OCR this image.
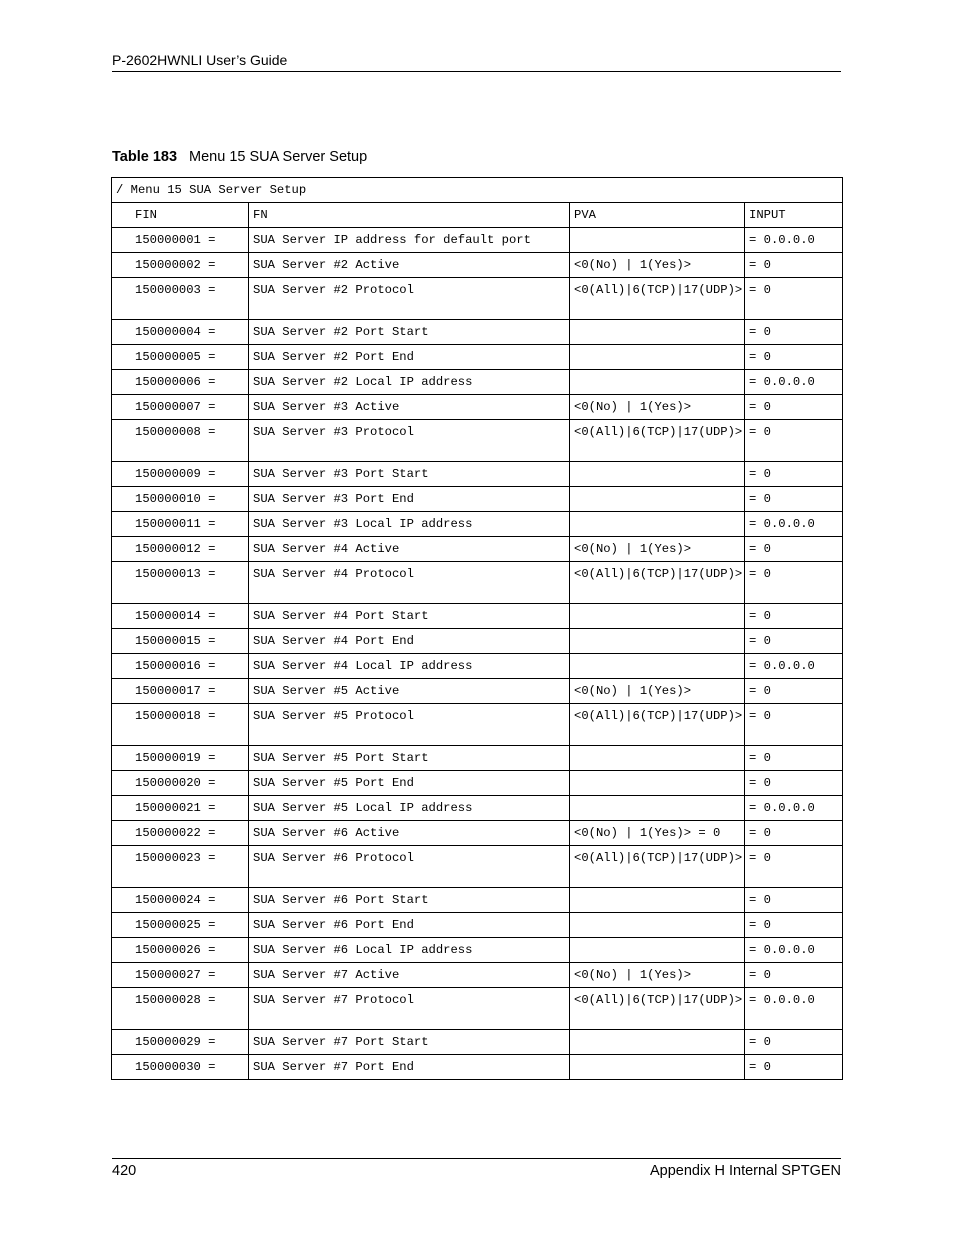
P-2602HWNLI User’s Guide
Table 183 Menu 15 SUA Server Setup
/ Menu 15 SUA Server Setup			
FIN	FN	PVA	INPUT
150000001 =	SUA Server IP address for default port		= 0.0.0.0
150000002 =	SUA Server #2 Active	<0(No) | 1(Yes)>	= 0
150000003 =	SUA Server #2 Protocol	<0(All)|6(TCP)|17(UDP)>	= 0
150000004 =	SUA Server #2 Port Start		= 0
150000005 =	SUA Server #2 Port End		= 0
150000006 =	SUA Server #2 Local IP address		= 0.0.0.0
150000007 =	SUA Server #3 Active	<0(No) | 1(Yes)>	= 0
150000008 =	SUA Server #3 Protocol	<0(All)|6(TCP)|17(UDP)>	= 0
150000009 =	SUA Server #3 Port Start		= 0
150000010 =	SUA Server #3 Port End		= 0
150000011 =	SUA Server #3 Local IP address		= 0.0.0.0
150000012 =	SUA Server #4 Active	<0(No) | 1(Yes)>	= 0
150000013 =	SUA Server #4 Protocol	<0(All)|6(TCP)|17(UDP)>	= 0
150000014 =	SUA Server #4 Port Start		= 0
150000015 =	SUA Server #4 Port End		= 0
150000016 =	SUA Server #4 Local IP address		= 0.0.0.0
150000017 =	SUA Server #5 Active	<0(No) | 1(Yes)>	= 0
150000018 =	SUA Server #5 Protocol	<0(All)|6(TCP)|17(UDP)>	= 0
150000019 =	SUA Server #5 Port Start		= 0
150000020 =	SUA Server #5 Port End		= 0
150000021 =	SUA Server #5 Local IP address		= 0.0.0.0
150000022 =	SUA Server #6 Active	<0(No) | 1(Yes)> = 0	= 0
150000023 =	SUA Server #6 Protocol	<0(All)|6(TCP)|17(UDP)>	= 0
150000024 =	SUA Server #6 Port Start		= 0
150000025 =	SUA Server #6 Port End		= 0
150000026 =	SUA Server #6 Local IP address		= 0.0.0.0
150000027 =	SUA Server #7 Active	<0(No) | 1(Yes)>	= 0
150000028 =	SUA Server #7 Protocol	<0(All)|6(TCP)|17(UDP)>	= 0.0.0.0
150000029 =	SUA Server #7 Port Start		= 0
150000030 =	SUA Server #7 Port End		= 0
420	Appendix H Internal SPTGEN
